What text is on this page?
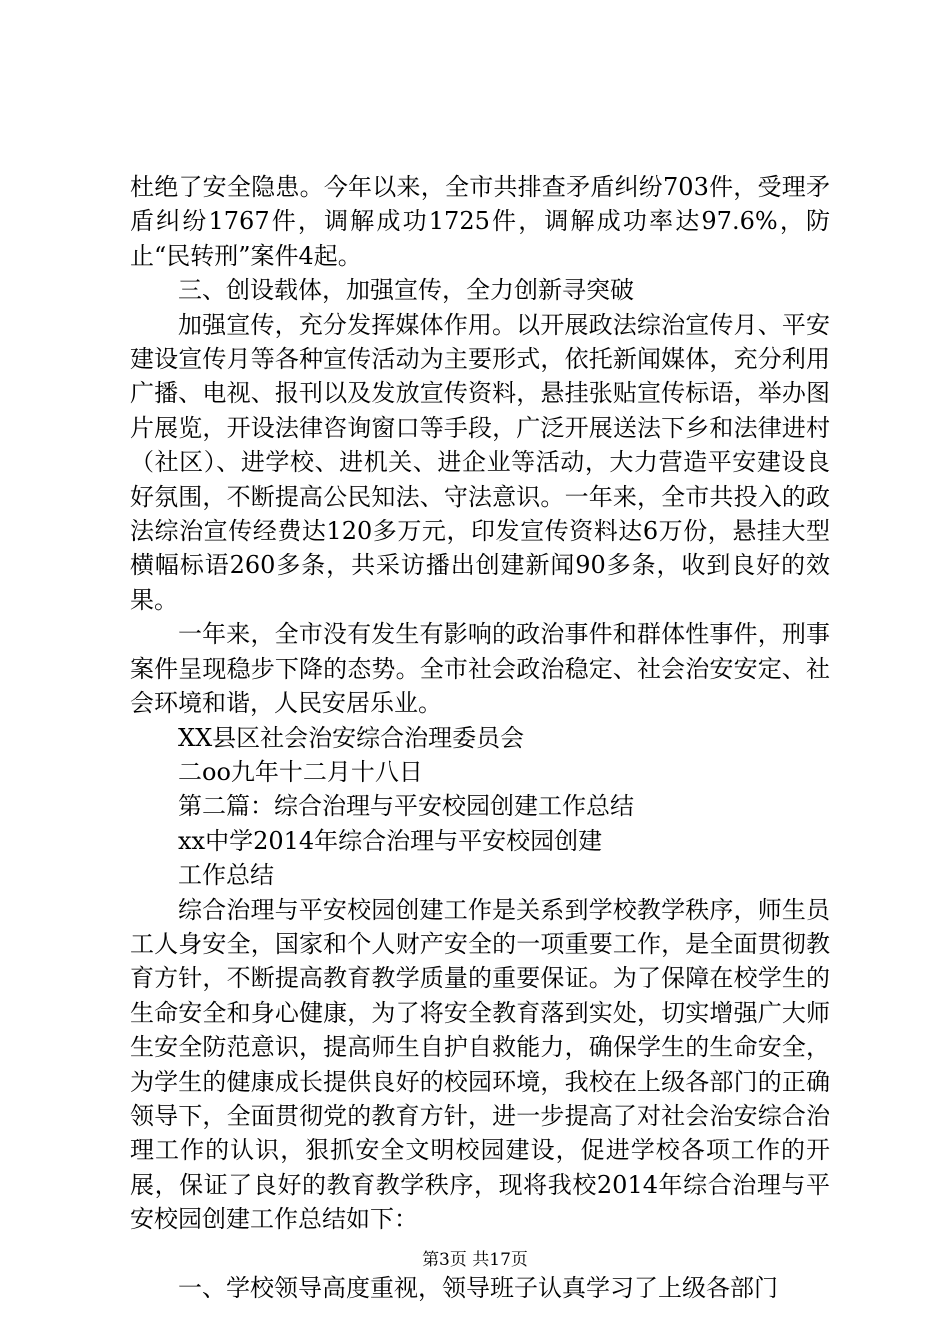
杜绝了安全隐患。今年以来，全市共排查矛盾纠纷703件，受理矛盾纠纷1767件，调解成功1725件，调解成功率达97.6%，防止“民转刑”案件4起。

三、创设载体，加强宣传，全力创新寻突破

加强宣传，充分发挥媒体作用。以开展政法综治宣传月、平安建设宣传月等各种宣传活动为主要形式，依托新闻媒体，充分利用广播、电视、报刊以及发放宣传资料，悬挂张贴宣传标语，举办图片展览，开设法律咨询窗口等手段，广泛开展送法下乡和法律进村（社区）、进学校、进机关、进企业等活动，大力营造平安建设良好氛围，不断提高公民知法、守法意识。一年来，全市共投入的政法综治宣传经费达120多万元，印发宣传资料达6万份，悬挂大型横幅标语260多条，共采访播出创建新闻90多条，收到良好的效果。

一年来，全市没有发生有影响的政治事件和群体性事件，刑事案件呈现稳步下降的态势。全市社会政治稳定、社会治安安定、社会环境和谐，人民安居乐业。

XX县区社会治安综合治理委员会

二oo九年十二月十八日

第二篇：综合治理与平安校园创建工作总结

xx中学2014年综合治理与平安校园创建

工作总结

综合治理与平安校园创建工作是关系到学校教学秩序，师生员工人身安全，国家和个人财产安全的一项重要工作，是全面贯彻教育方针，不断提高教育教学质量的重要保证。为了保障在校学生的生命安全和身心健康，为了将安全教育落到实处，切实增强广大师生安全防范意识，提高师生自护自救能力，确保学生的生命安全，为学生的健康成长提供良好的校园环境，我校在上级各部门的正确领导下，全面贯彻党的教育方针，进一步提高了对社会治安综合治理工作的认识，狠抓安全文明校园建设，促进学校各项工作的开展，保证了良好的教育教学秩序，现将我校2014年综合治理与平安校园创建工作总结如下：

一、学校领导高度重视，领导班子认真学习了上级各部门

第3页 共17页
